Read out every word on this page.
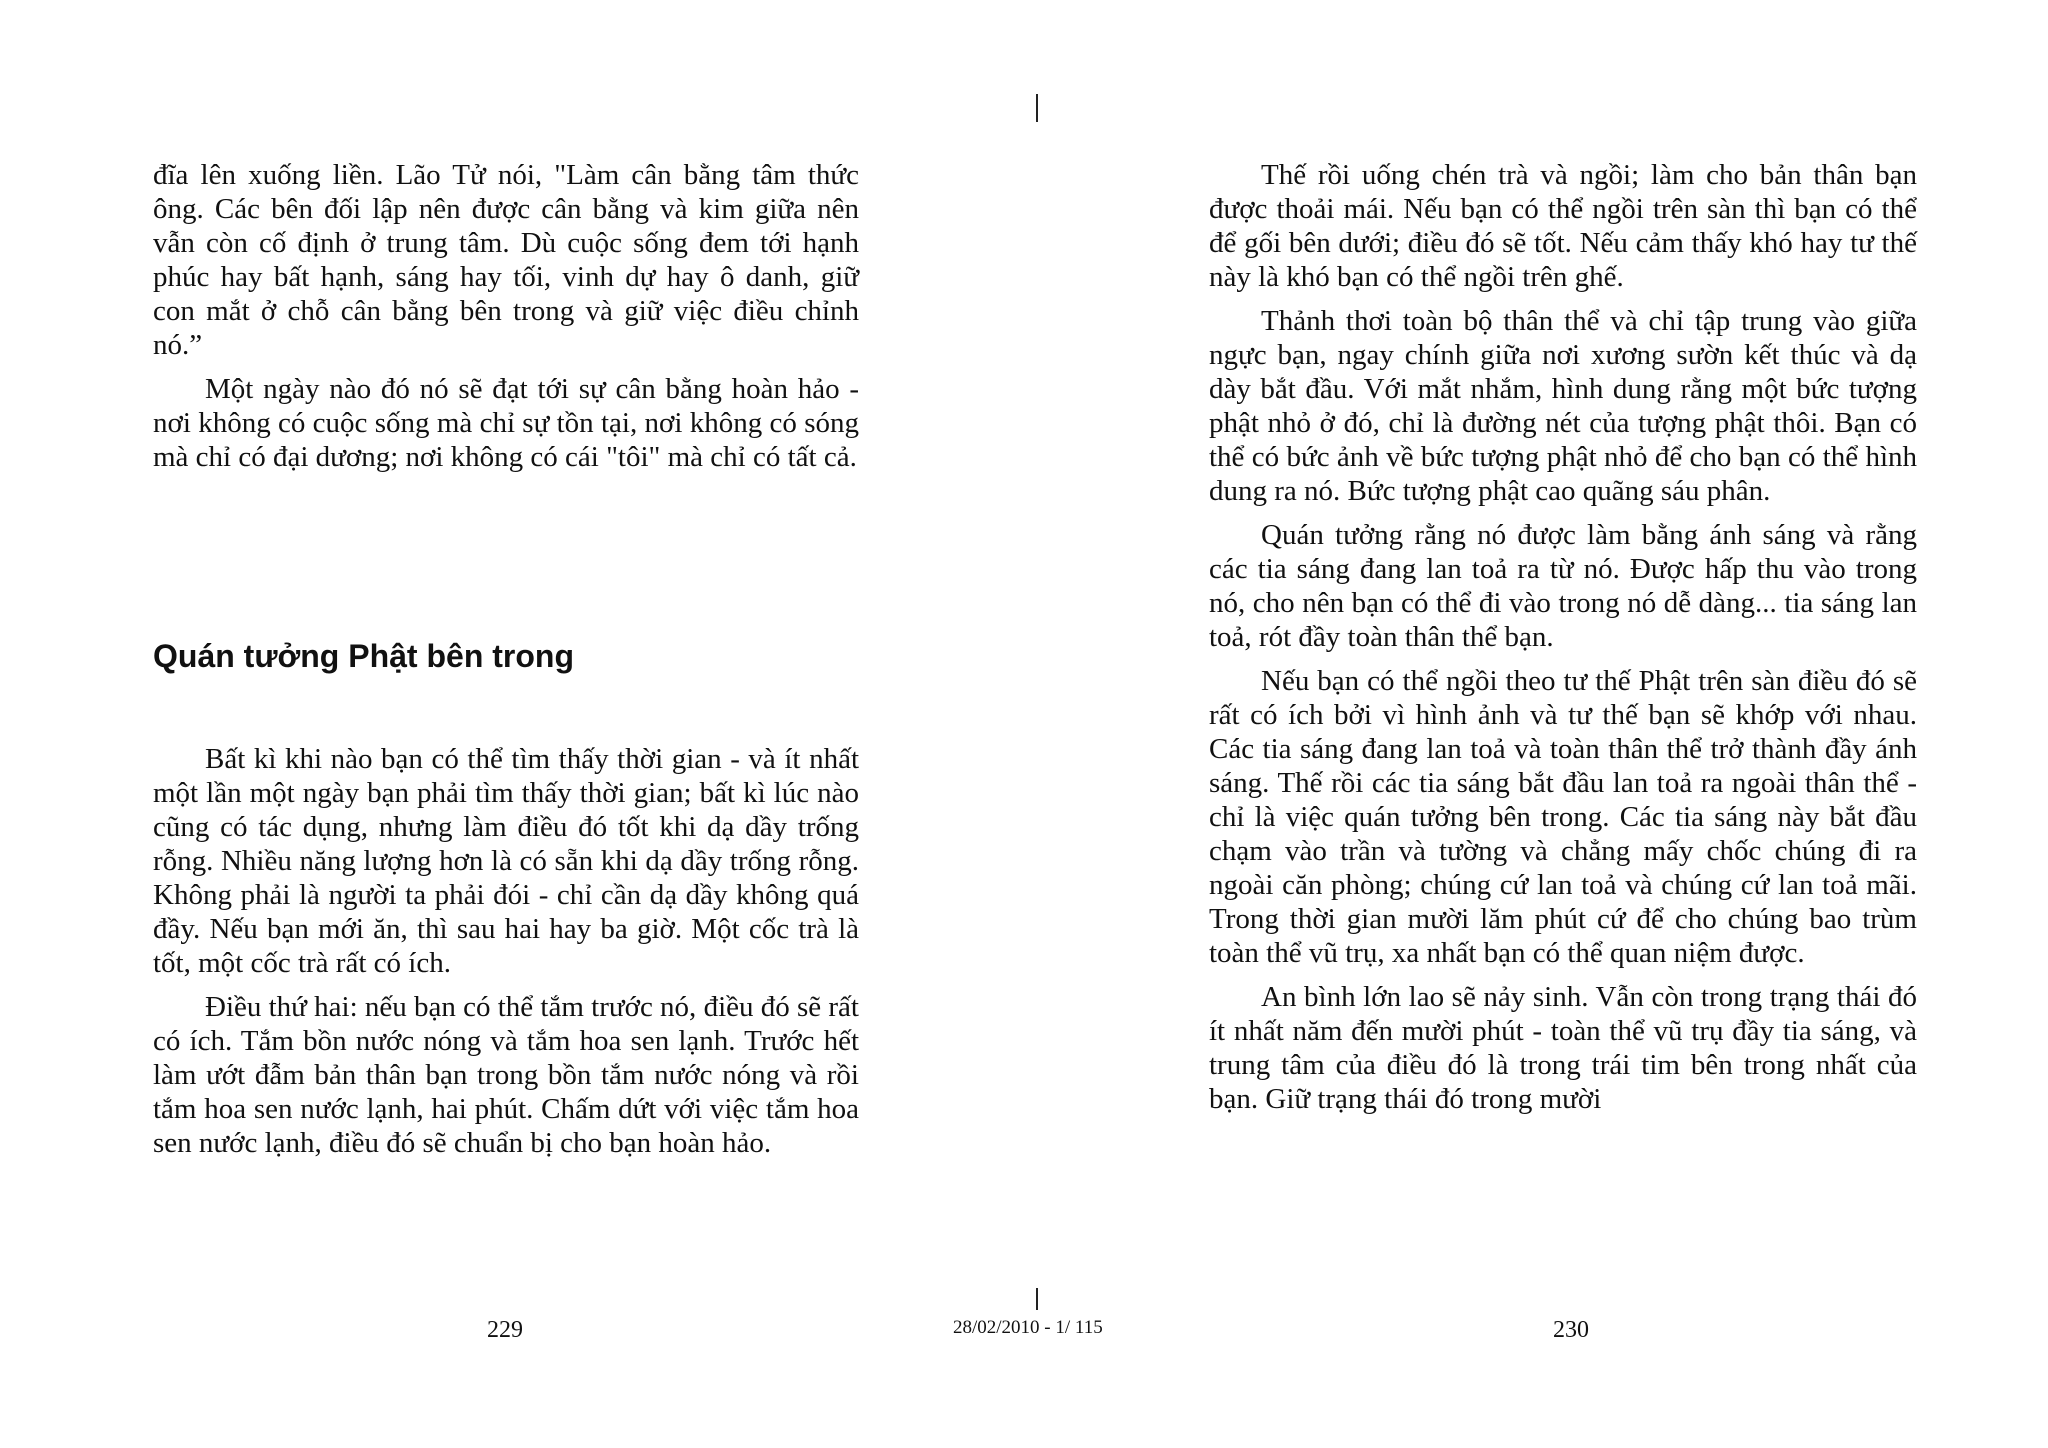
đĩa lên xuống liền. Lão Tử nói, "Làm cân bằng tâm thức ông. Các bên đối lập nên được cân bằng và kim giữa nên vẫn còn cố định ở trung tâm. Dù cuộc sống đem tới hạnh phúc hay bất hạnh, sáng hay tối, vinh dự hay ô danh, giữ con mắt ở chỗ cân bằng bên trong và giữ việc điều chỉnh nó.”

Một ngày nào đó nó sẽ đạt tới sự cân bằng hoàn hảo - nơi không có cuộc sống mà chỉ sự tồn tại, nơi không có sóng mà chỉ có đại dương; nơi không có cái "tôi" mà chỉ có tất cả.

Quán tưởng Phật bên trong

Bất kì khi nào bạn có thể tìm thấy thời gian - và ít nhất một lần một ngày bạn phải tìm thấy thời gian; bất kì lúc nào cũng có tác dụng, nhưng làm điều đó tốt khi dạ dầy trống rỗng. Nhiều năng lượng hơn là có sẵn khi dạ dầy trống rỗng. Không phải là người ta phải đói - chỉ cần dạ dầy không quá đầy. Nếu bạn mới ăn, thì sau hai hay ba giờ. Một cốc trà là tốt, một cốc trà rất có ích.

Điều thứ hai: nếu bạn có thể tắm trước nó, điều đó sẽ rất có ích. Tắm bồn nước nóng và tắm hoa sen lạnh. Trước hết làm ướt đẫm bản thân bạn trong bồn tắm nước nóng và rồi tắm hoa sen nước lạnh, hai phút. Chấm dứt với việc tắm hoa sen nước lạnh, điều đó sẽ chuẩn bị cho bạn hoàn hảo.

Thế rồi uống chén trà và ngồi; làm cho bản thân bạn được thoải mái. Nếu bạn có thể ngồi trên sàn thì bạn có thể để gối bên dưới; điều đó sẽ tốt. Nếu cảm thấy khó hay tư thế này là khó bạn có thể ngồi trên ghế.

Thảnh thơi toàn bộ thân thể và chỉ tập trung vào giữa ngực bạn, ngay chính giữa nơi xương sườn kết thúc và dạ dày bắt đầu. Với mắt nhắm, hình dung rằng một bức tượng phật nhỏ ở đó, chỉ là đường nét của tượng phật thôi. Bạn có thể có bức ảnh về bức tượng phật nhỏ để cho bạn có thể hình dung ra nó. Bức tượng phật cao quãng sáu phân.

Quán tưởng rằng nó được làm bằng ánh sáng và rằng các tia sáng đang lan toả ra từ nó. Được hấp thu vào trong nó, cho nên bạn có thể đi vào trong nó dễ dàng... tia sáng lan toả, rót đầy toàn thân thể bạn.

Nếu bạn có thể ngồi theo tư thế Phật trên sàn điều đó sẽ rất có ích bởi vì hình ảnh và tư thế bạn sẽ khớp với nhau. Các tia sáng đang lan toả và toàn thân thể trở thành đầy ánh sáng. Thế rồi các tia sáng bắt đầu lan toả ra ngoài thân thể - chỉ là việc quán tưởng bên trong. Các tia sáng này bắt đầu chạm vào trần và tường và chẳng mấy chốc chúng đi ra ngoài căn phòng; chúng cứ lan toả và chúng cứ lan toả mãi. Trong thời gian mười lăm phút cứ để cho chúng bao trùm toàn thể vũ trụ, xa nhất bạn có thể quan niệm được.

An bình lớn lao sẽ nảy sinh. Vẫn còn trong trạng thái đó ít nhất năm đến mười phút - toàn thể vũ trụ đầy tia sáng, và trung tâm của điều đó là trong trái tim bên trong nhất của bạn. Giữ trạng thái đó trong mười

229	28/02/2010 - 1/ 115	230
